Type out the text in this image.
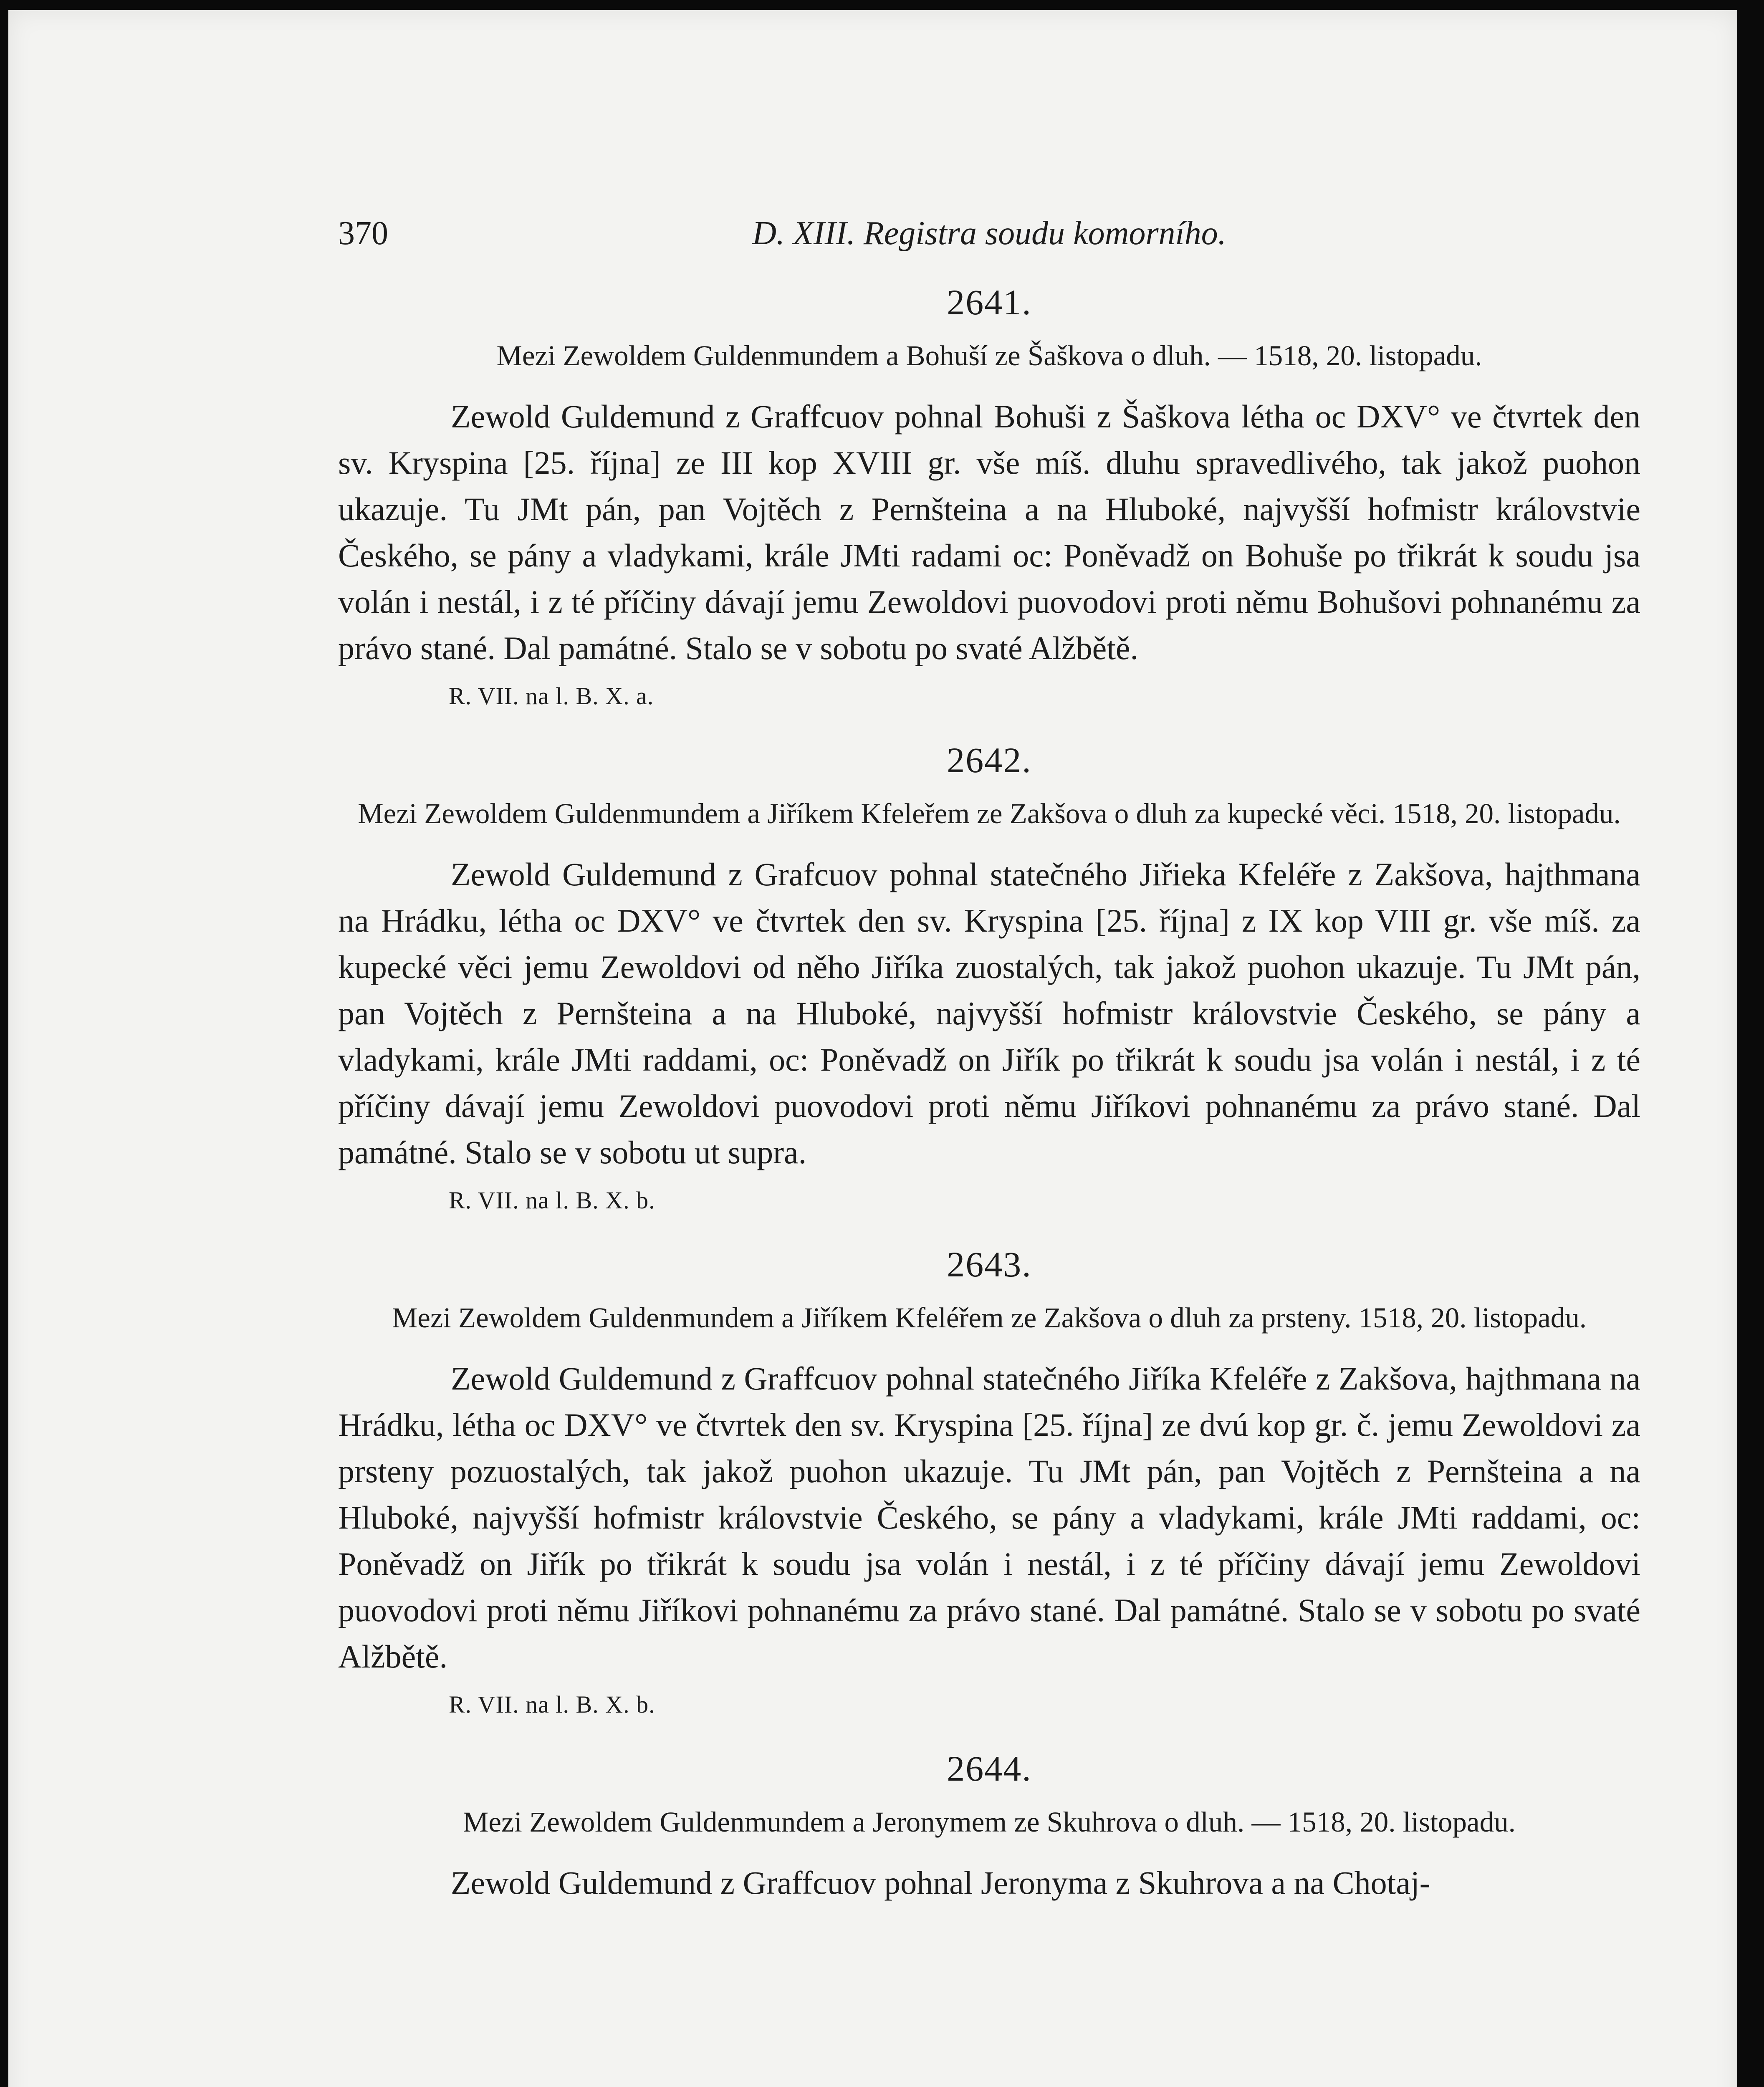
370	D. XIII. Registra soudu komorního.
2641.
Mezi Zewoldem Guldenmundem a Bohuší ze Šaškova o dluh. — 1518, 20. listopadu.
Zewold Guldemund z Graffcuov pohnal Bohuši z Šaškova létha oc DXV° ve čtvrtek den sv. Kryspina [25. října] ze III kop XVIII gr. vše míš. dluhu spravedlivého, tak jakož puohon ukazuje. Tu JMt pán, pan Vojtěch z Pernšteina a na Hluboké, najvyšší hofmistr královstvie Českého, se pány a vladykami, krále JMti radami oc: Poněvadž on Bohuše po třikrát k soudu jsa volán i nestál, i z té příčiny dávají jemu Zewoldovi puovodovi proti němu Bohušovi pohnanému za právo stané. Dal památné. Stalo se v sobotu po svaté Alžbětě.
R. VII. na l. B. X. a.
2642.
Mezi Zewoldem Guldenmundem a Jiříkem Kfeleřem ze Zakšova o dluh za kupecké věci. 1518, 20. listopadu.
Zewold Guldemund z Grafcuov pohnal statečného Jiřieka Kfeléře z Zakšova, hajthmana na Hrádku, létha oc DXV° ve čtvrtek den sv. Kryspina [25. října] z IX kop VIII gr. vše míš. za kupecké věci jemu Zewoldovi od něho Jiříka zuostalých, tak jakož puohon ukazuje. Tu JMt pán, pan Vojtěch z Pernšteina a na Hluboké, najvyšší hofmistr královstvie Českého, se pány a vladykami, krále JMti raddami, oc: Poněvadž on Jiřík po třikrát k soudu jsa volán i nestál, i z té příčiny dávají jemu Zewoldovi puovodovi proti němu Jiříkovi pohnanému za právo stané. Dal památné. Stalo se v sobotu ut supra.
R. VII. na l. B. X. b.
2643.
Mezi Zewoldem Guldenmundem a Jiříkem Kfeléřem ze Zakšova o dluh za prsteny. 1518, 20. listopadu.
Zewold Guldemund z Graffcuov pohnal statečného Jiříka Kfeléře z Zakšova, hajthmana na Hrádku, létha oc DXV° ve čtvrtek den sv. Kryspina [25. října] ze dvú kop gr. č. jemu Zewoldovi za prsteny pozuostalých, tak jakož puohon ukazuje. Tu JMt pán, pan Vojtěch z Pernšteina a na Hluboké, najvyšší hofmistr královstvie Českého, se pány a vladykami, krále JMti raddami, oc: Poněvadž on Jiřík po třikrát k soudu jsa volán i nestál, i z té příčiny dávají jemu Zewoldovi puovodovi proti němu Jiříkovi pohnanému za právo stané. Dal památné. Stalo se v sobotu po svaté Alžbětě.
R. VII. na l. B. X. b.
2644.
Mezi Zewoldem Guldenmundem a Jeronymem ze Skuhrova o dluh. — 1518, 20. listopadu.
Zewold Guldemund z Graffcuov pohnal Jeronyma z Skuhrova a na Chotaj-
